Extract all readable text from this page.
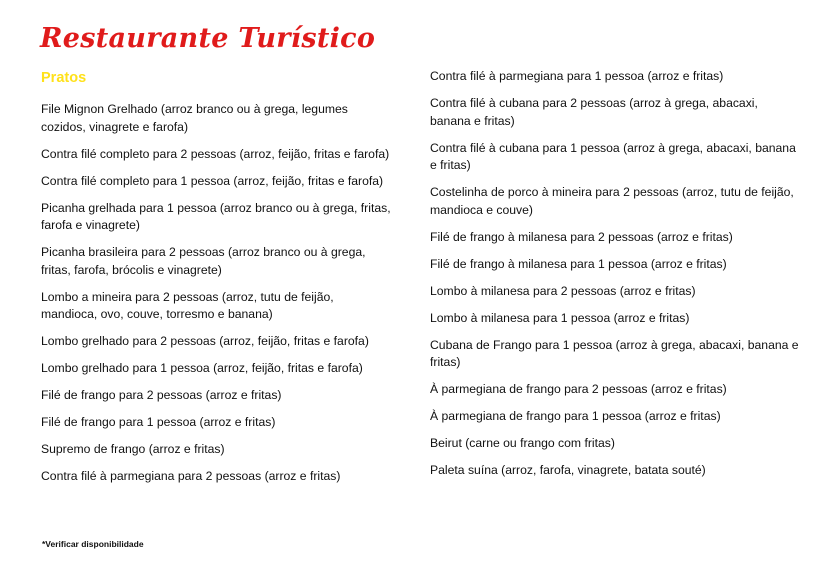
Restaurante Turístico
Pratos
File Mignon Grelhado (arroz branco ou à grega, legumes cozidos, vinagrete e farofa)
Contra filé completo para 2 pessoas (arroz, feijão, fritas e farofa)
Contra filé completo para 1 pessoa (arroz, feijão, fritas e farofa)
Picanha grelhada para 1 pessoa (arroz branco ou à grega, fritas, farofa e vinagrete)
Picanha brasileira para 2 pessoas (arroz branco ou à grega, fritas, farofa, brócolis e vinagrete)
Lombo a mineira para 2 pessoas (arroz, tutu de feijão, mandioca, ovo, couve, torresmo e banana)
Lombo grelhado para 2 pessoas (arroz, feijão, fritas e farofa)
Lombo grelhado para 1 pessoa (arroz, feijão, fritas e farofa)
Filé de frango para 2 pessoas (arroz e fritas)
Filé de frango para 1 pessoa (arroz e fritas)
Supremo de frango (arroz e fritas)
Contra filé à parmegiana para 2 pessoas (arroz e fritas)
Contra filé à parmegiana para 1 pessoa (arroz e fritas)
Contra filé à cubana para 2 pessoas (arroz à grega, abacaxi, banana e fritas)
Contra filé à cubana para 1 pessoa (arroz à grega, abacaxi, banana e fritas)
Costelinha de porco à mineira para 2 pessoas (arroz, tutu de feijão, mandioca e couve)
Filé de frango à milanesa para 2 pessoas (arroz e fritas)
Filé de frango à milanesa para 1 pessoa (arroz e fritas)
Lombo à milanesa para 2 pessoas (arroz e fritas)
Lombo à milanesa para 1 pessoa (arroz e fritas)
Cubana de Frango para 1 pessoa (arroz à grega, abacaxi, banana e fritas)
À parmegiana de frango para 2 pessoas (arroz e fritas)
À parmegiana de frango para 1 pessoa (arroz e fritas)
Beirut (carne ou frango com fritas)
Paleta suína (arroz, farofa, vinagrete, batata souté)
*Verificar disponibilidade
